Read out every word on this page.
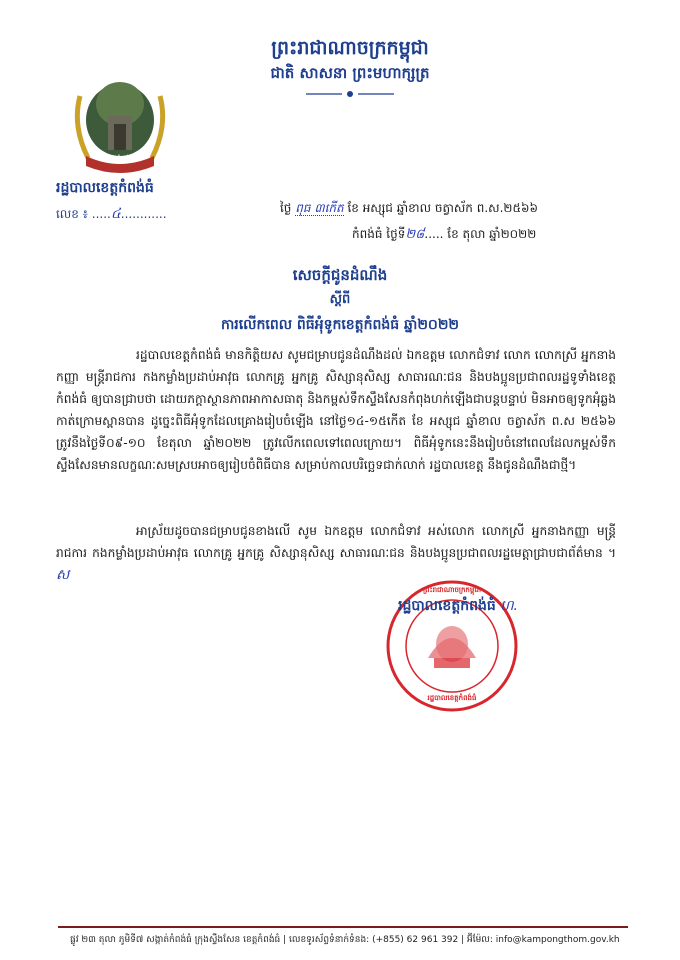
ព្រះរាជាណាចក្រកម្ពុជា
ជាតិ សាសនា ព្រះមហាក្សត្រ
ខេត្តកំពង់ធំ
រដ្ឋបាលខេត្តកំពង់ធំ
លេខ ៖ .....៤............	ថ្ងៃ ពុធ ៣កើត ខែ អស្សុជ ឆ្នាំខាល ចត្វាស័ក ព.ស.២៥៦៦
កំពង់ធំ ថ្ងៃទី២៨..... ខែ តុលា ឆ្នាំ២០២២
សេចក្តីជូនដំណឹង
ស្តីពី
ការលើកពេល ពិធីអុំទូកខេត្តកំពង់ធំ ឆ្នាំ២០២២
រដ្ឋបាលខេត្តកំពង់ធំ មានកិត្តិយស សូមជម្រាបជូនដំណឹងដល់ ឯកឧត្តម លោកជំទាវ លោក លោកស្រី អ្នកនាងកញ្ញា មន្ត្រីរាជការ កងកម្លាំងប្រដាប់អាវុធ លោកគ្រូ អ្នកគ្រូ សិស្សានុសិស្ស សាធារណៈជន និងបងប្អូនប្រជាពលរដ្ឋទូទាំងខេត្តកំពង់ធំ ឲ្យបានជ្រាបថា ដោយភក្តាស្ថានភាពអាកាសធាតុ និងកម្ពស់ទឹកស្ទឹងសែនកំពុងហក់ឡើងជាបន្តបន្ទាប់ មិនអាចឲ្យទូកអុំឆ្លងកាត់ក្រោមស្ពានបាន ដូច្នេះពិធីអុំទូកដែលគ្រោងរៀបចំឡើង នៅថ្ងៃ១៤-១៥កើត ខែ អស្សុជ ឆ្នាំខាល ចត្វាស័ក ព.ស ២៥៦៦ ត្រូវនឹងថ្ងៃទី០៩-១០ ខែតុលា ឆ្នាំ២០២២ ត្រូវលើកពេលទៅពេលក្រោយ។ ពិធីអុំទូកនេះនឹងរៀបចំនៅពេលដែលកម្ពស់ទឹកស្ទឹងសែនមានលក្ខណៈសមស្របអាចឲ្យរៀបចំពិធីបាន សម្រាប់កាលបរិច្ឆេទជាក់លាក់ រដ្ឋបាលខេត្ត នឹងជូនដំណឹងជាថ្មី។
អាស្រ័យដូចបានជម្រាបជូនខាងលើ សូម ឯកឧត្តម លោកជំទាវ អស់លោក លោកស្រី អ្នកនាងកញ្ញា មន្ត្រីរាជការ កងកម្លាំងប្រដាប់អាវុធ លោកគ្រូ អ្នកគ្រូ សិស្សានុសិស្ស សាធារណៈជន និងបងប្អូនប្រជាពលរដ្ឋមេត្តាជ្រាបជាព័ត៌មាន ។ ស
ព្រះរាជាណាចក្រកម្ពុជា
រដ្ឋបាលខេត្តកំពង់ធំ
រដ្ឋបាលខេត្តកំពង់ធំ ហ.
ផ្លូវ ២៣ តុលា ភូមិទី៧ សង្កាត់កំពង់ធំ ក្រុងស្ទឹងសែន ខេត្តកំពង់ធំ | លេខទូរស័ព្ទទំនាក់ទំនង: (+855) 62 961 392 | អ៊ីម៉ែល: info@kampongthom.gov.kh
